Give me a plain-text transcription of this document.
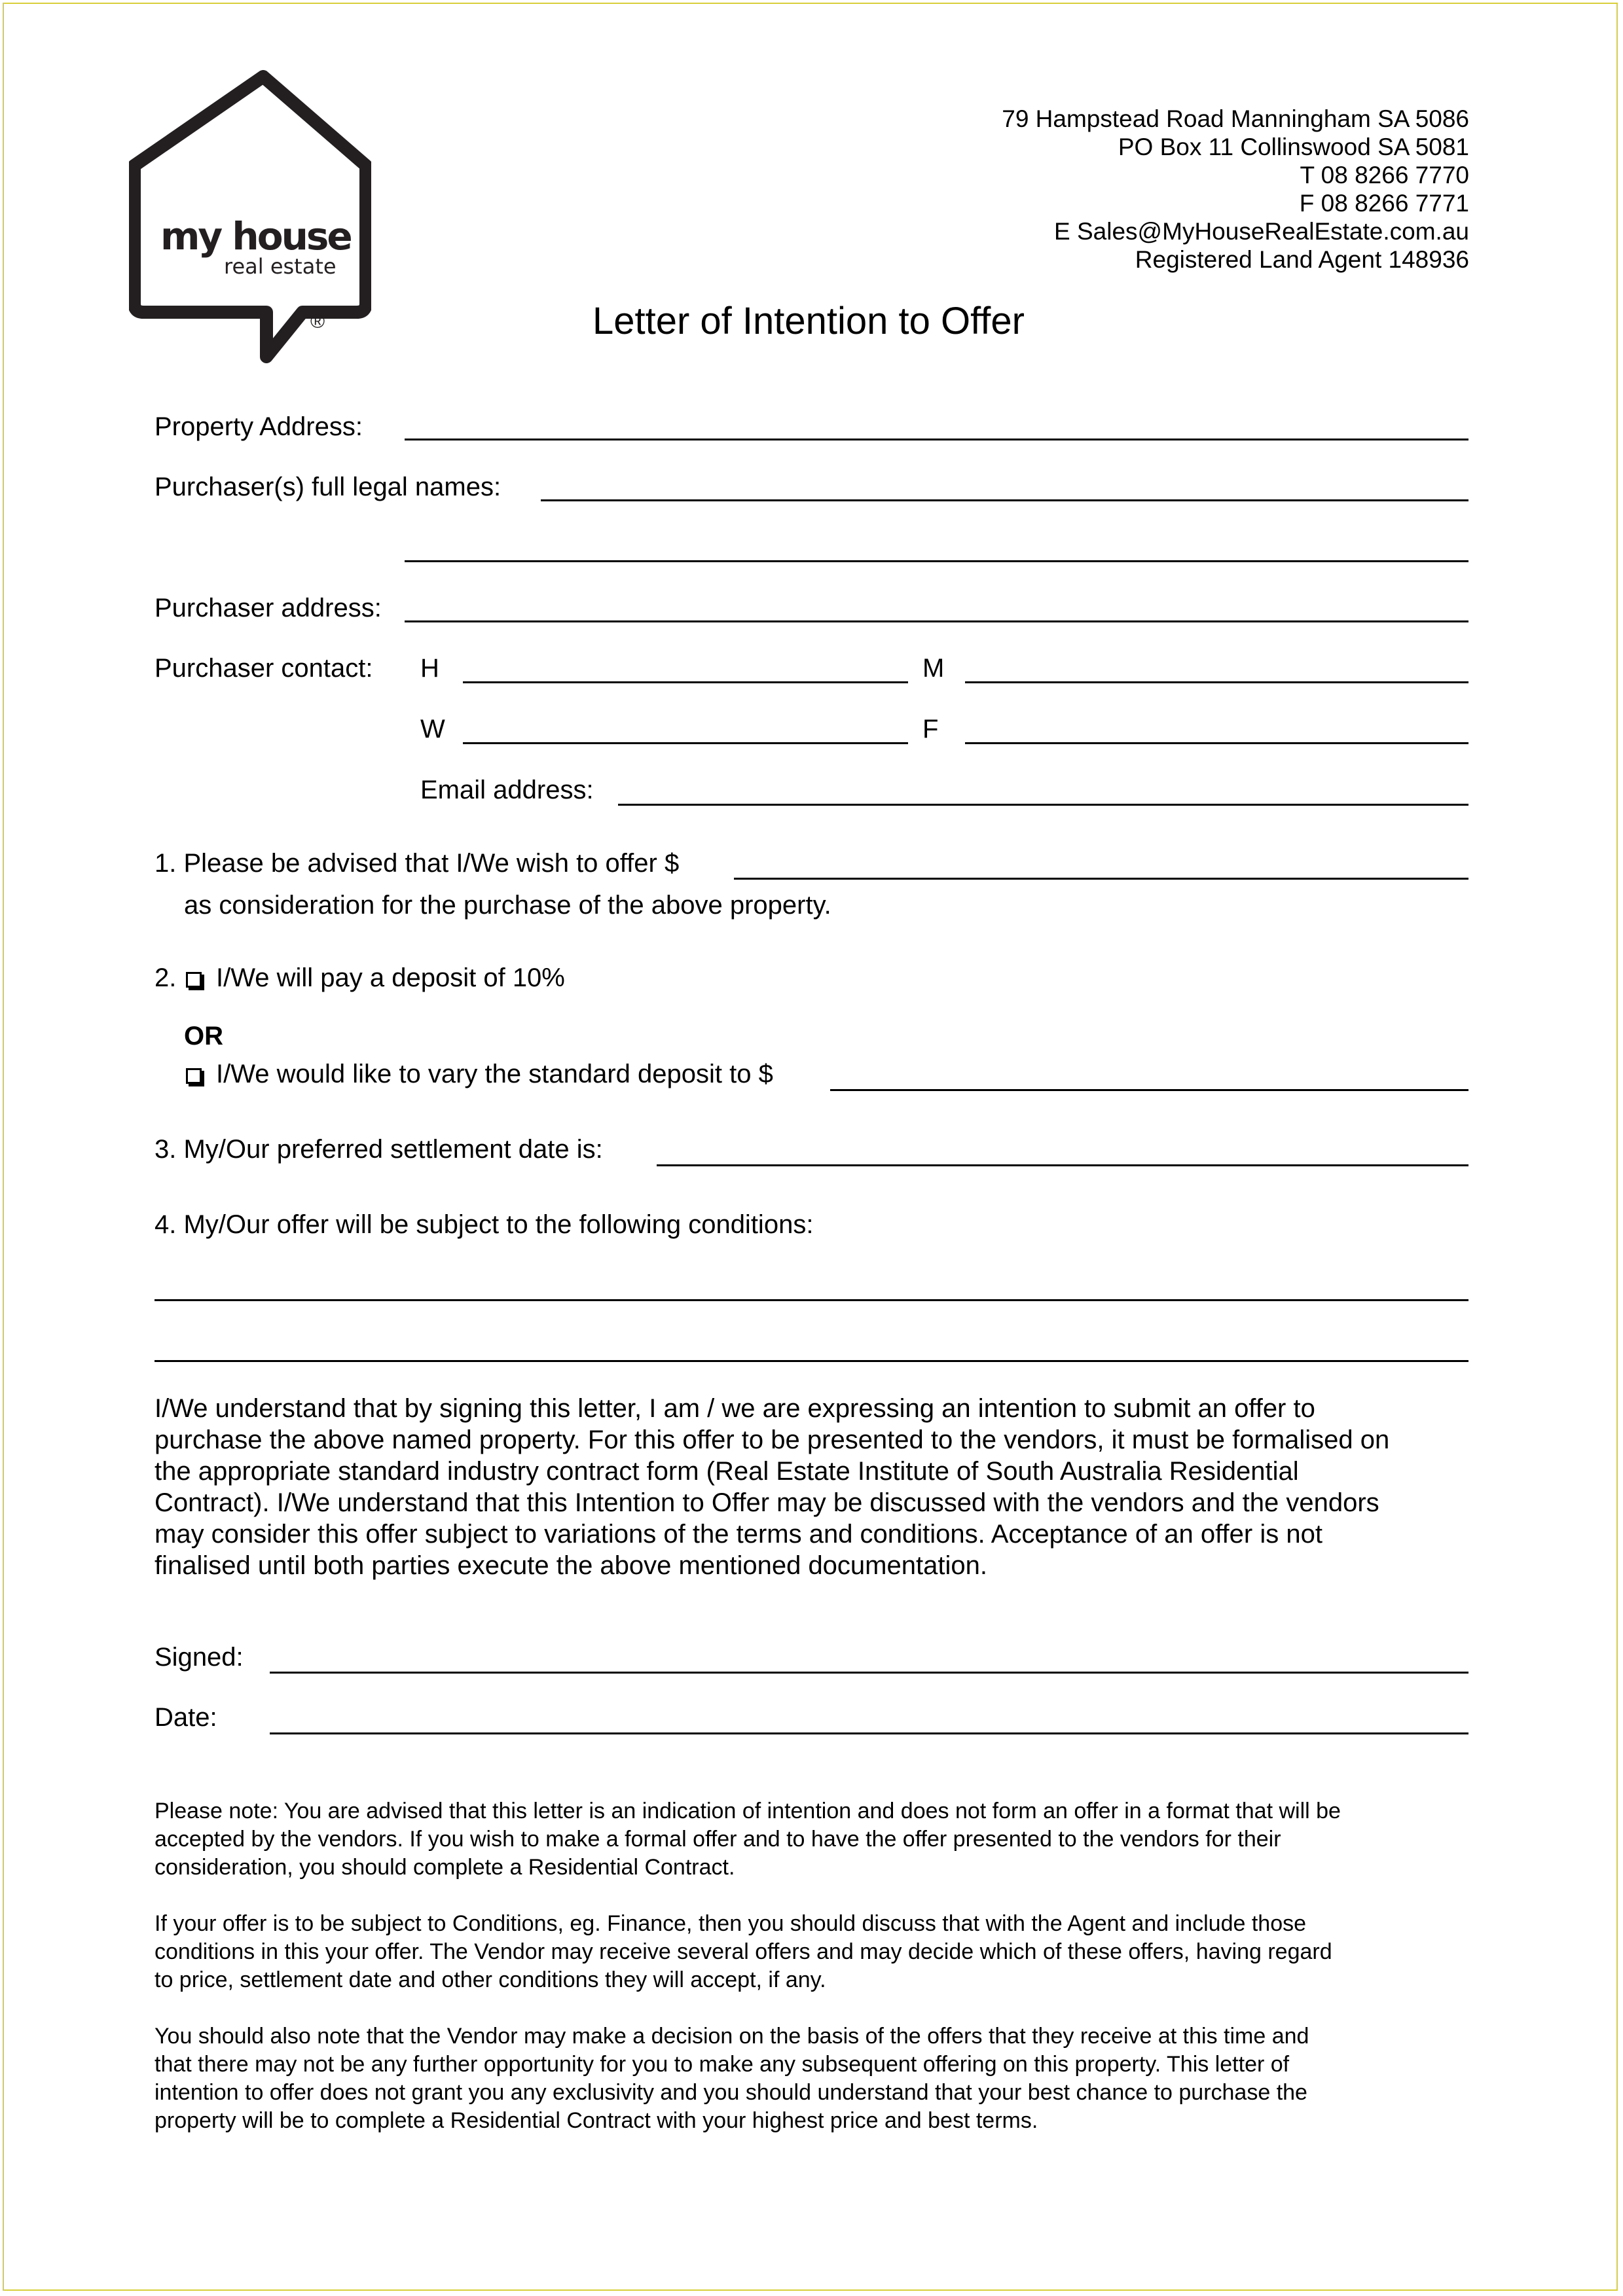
my house
real estate
®
79 Hampstead Road Manningham SA 5086
PO Box 11 Collinswood SA 5081
T 08 8266 7770
F 08 8266 7771
E Sales@MyHouseRealEstate.com.au
Registered Land Agent 148936
Letter of Intention to Offer
Property Address:
Purchaser(s) full legal names:
Purchaser address:
Purchaser contact: H	M
W	F
Email address:
1. Please be advised that I/We wish to offer $
as consideration for the purchase of the above property.
2.	I/We will pay a deposit of 10%
OR
I/We would like to vary the standard deposit to $
3. My/Our preferred settlement date is:
4. My/Our offer will be subject to the following conditions:
I/We understand that by signing this letter, I am / we are expressing an intention to submit an offer to
purchase the above named property. For this offer to be presented to the vendors, it must be formalised on
the appropriate standard industry contract form (Real Estate Institute of South Australia Residential
Contract). I/We understand that this Intention to Offer may be discussed with the vendors and the vendors
may consider this offer subject to variations of the terms and conditions. Acceptance of an offer is not
finalised until both parties execute the above mentioned documentation.
Signed:
Date:
Please note: You are advised that this letter is an indication of intention and does not form an offer in a format that will be
accepted by the vendors. If you wish to make a formal offer and to have the offer presented to the vendors for their
consideration, you should complete a Residential Contract.
If your offer is to be subject to Conditions, eg. Finance, then you should discuss that with the Agent and include those
conditions in this your offer. The Vendor may receive several offers and may decide which of these offers, having regard
to price, settlement date and other conditions they will accept, if any.
You should also note that the Vendor may make a decision on the basis of the offers that they receive at this time and
that there may not be any further opportunity for you to make any subsequent offering on this property. This letter of
intention to offer does not grant you any exclusivity and you should understand that your best chance to purchase the
property will be to complete a Residential Contract with your highest price and best terms.
